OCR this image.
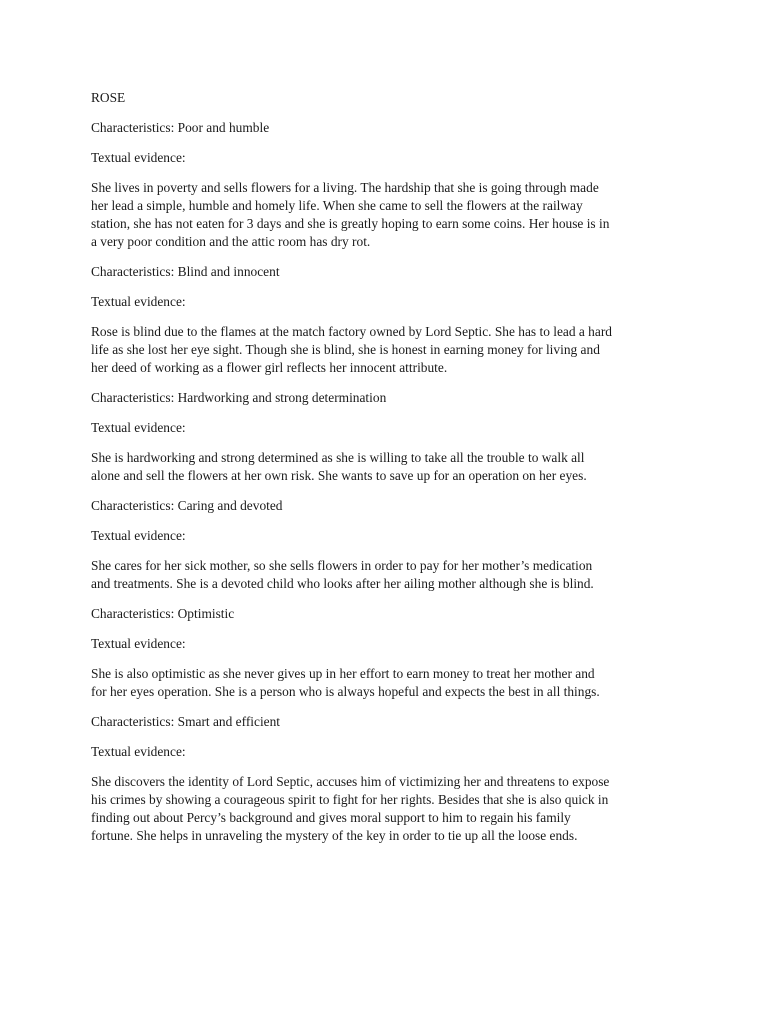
ROSE

Characteristics: Poor and humble

Textual evidence:

She lives in poverty and sells flowers for a living. The hardship that she is going through made
her lead a simple, humble and homely life. When she came to sell the flowers at the railway
station, she has not eaten for 3 days and she is greatly hoping to earn some coins. Her house is in
a very poor condition and the attic room has dry rot.

Characteristics: Blind and innocent

Textual evidence:

Rose is blind due to the flames at the match factory owned by Lord Septic. She has to lead a hard
life as she lost her eye sight. Though she is blind, she is honest in earning money for living and
her deed of working as a flower girl reflects her innocent attribute.

Characteristics: Hardworking and strong determination

Textual evidence:

She is hardworking and strong determined as she is willing to take all the trouble to walk all
alone and sell the flowers at her own risk. She wants to save up for an operation on her eyes.

Characteristics: Caring and devoted

Textual evidence:

She cares for her sick mother, so she sells flowers in order to pay for her mother’s medication
and treatments. She is a devoted child who looks after her ailing mother although she is blind.

Characteristics: Optimistic

Textual evidence:

She is also optimistic as she never gives up in her effort to earn money to treat her mother and
for her eyes operation. She is a person who is always hopeful and expects the best in all things.

Characteristics: Smart and efficient

Textual evidence:

She discovers the identity of Lord Septic, accuses him of victimizing her and threatens to expose
his crimes by showing a courageous spirit to fight for her rights. Besides that she is also quick in
finding out about Percy’s background and gives moral support to him to regain his family
fortune. She helps in unraveling the mystery of the key in order to tie up all the loose ends.
